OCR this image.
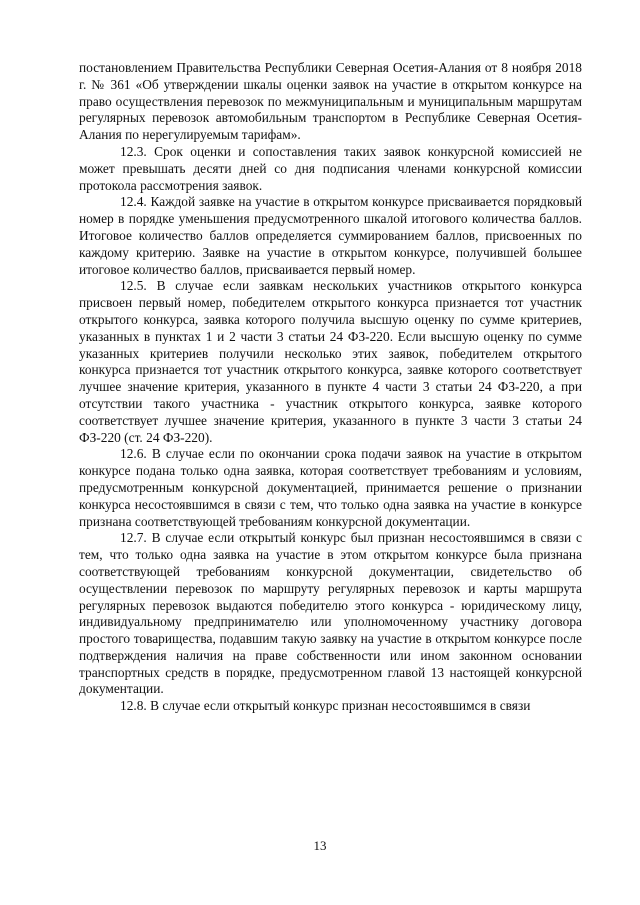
постановлением Правительства Республики Северная Осетия-Алания от 8 ноября 2018 г. № 361 «Об утверждении шкалы оценки заявок на участие в открытом конкурсе на право осуществления перевозок по межмуниципальным и муниципальным маршрутам регулярных перевозок автомобильным транспортом в Республике Северная Осетия-Алания по нерегулируемым тарифам».

12.3. Срок оценки и сопоставления таких заявок конкурсной комиссией не может превышать десяти дней со дня подписания членами конкурсной комиссии протокола рассмотрения заявок.

12.4. Каждой заявке на участие в открытом конкурсе присваивается порядковый номер в порядке уменьшения предусмотренного шкалой итогового количества баллов. Итоговое количество баллов определяется суммированием баллов, присвоенных по каждому критерию. Заявке на участие в открытом конкурсе, получившей большее итоговое количество баллов, присваивается первый номер.

12.5. В случае если заявкам нескольких участников открытого конкурса присвоен первый номер, победителем открытого конкурса признается тот участник открытого конкурса, заявка которого получила высшую оценку по сумме критериев, указанных в пунктах 1 и 2 части 3 статьи 24 ФЗ-220. Если высшую оценку по сумме указанных критериев получили несколько этих заявок, победителем открытого конкурса признается тот участник открытого конкурса, заявке которого соответствует лучшее значение критерия, указанного в пункте 4 части 3 статьи 24 ФЗ-220, а при отсутствии такого участника - участник открытого конкурса, заявке которого соответствует лучшее значение критерия, указанного в пункте 3 части 3 статьи 24 ФЗ-220 (ст. 24 ФЗ-220).

12.6. В случае если по окончании срока подачи заявок на участие в открытом конкурсе подана только одна заявка, которая соответствует требованиям и условиям, предусмотренным конкурсной документацией, принимается решение о признании конкурса несостоявшимся в связи с тем, что только одна заявка на участие в конкурсе признана соответствующей требованиям конкурсной документации.

12.7. В случае если открытый конкурс был признан несостоявшимся в связи с тем, что только одна заявка на участие в этом открытом конкурсе была признана соответствующей требованиям конкурсной документации, свидетельство об осуществлении перевозок по маршруту регулярных перевозок и карты маршрута регулярных перевозок выдаются победителю этого конкурса - юридическому лицу, индивидуальному предпринимателю или уполномоченному участнику договора простого товарищества, подавшим такую заявку на участие в открытом конкурсе после подтверждения наличия на праве собственности или ином законном основании транспортных средств в порядке, предусмотренном главой 13 настоящей конкурсной документации.

12.8. В случае если открытый конкурс признан несостоявшимся в связи

13
